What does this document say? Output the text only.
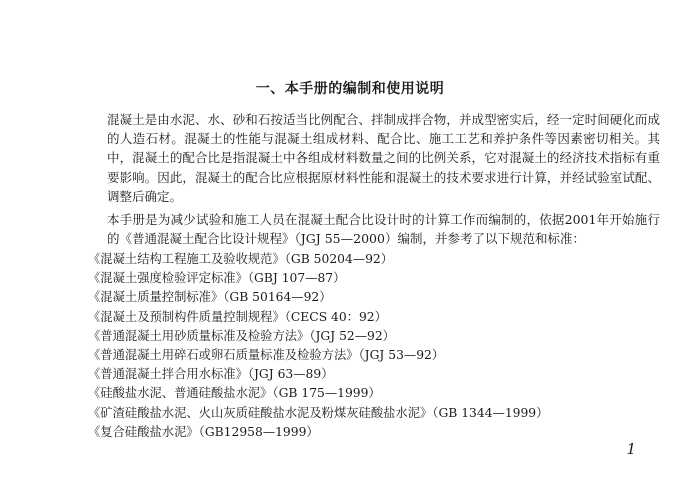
一、本手册的编制和使用说明
混凝土是由水泥、水、砂和石按适当比例配合、拌制成拌合物，并成型密实后，经一定时间硬化而成的人造石材。混凝土的性能与混凝土组成材料、配合比、施工工艺和养护条件等因素密切相关。其中，混凝土的配合比是指混凝土中各组成材料数量之间的比例关系，它对混凝土的经济技术指标有重要影响。因此，混凝土的配合比应根据原材料性能和混凝土的技术要求进行计算，并经试验室试配、调整后确定。
本手册是为减少试验和施工人员在混凝土配合比设计时的计算工作而编制的，依据2001年开始施行的《普通混凝土配合比设计规程》（JGJ 55—2000）编制，并参考了以下规范和标准：
《混凝土结构工程施工及验收规范》（GB 50204—92）
《混凝土强度检验评定标准》（GBJ 107—87）
《混凝土质量控制标准》（GB 50164—92）
《混凝土及预制构件质量控制规程》（CECS 40：92）
《普通混凝土用砂质量标准及检验方法》（JGJ 52—92）
《普通混凝土用碎石或卵石质量标准及检验方法》（JGJ 53—92）
《普通混凝土拌合用水标准》（JGJ 63—89）
《硅酸盐水泥、普通硅酸盐水泥》（GB 175—1999）
《矿渣硅酸盐水泥、火山灰质硅酸盐水泥及粉煤灰硅酸盐水泥》（GB 1344—1999）
《复合硅酸盐水泥》（GB12958—1999）
1
